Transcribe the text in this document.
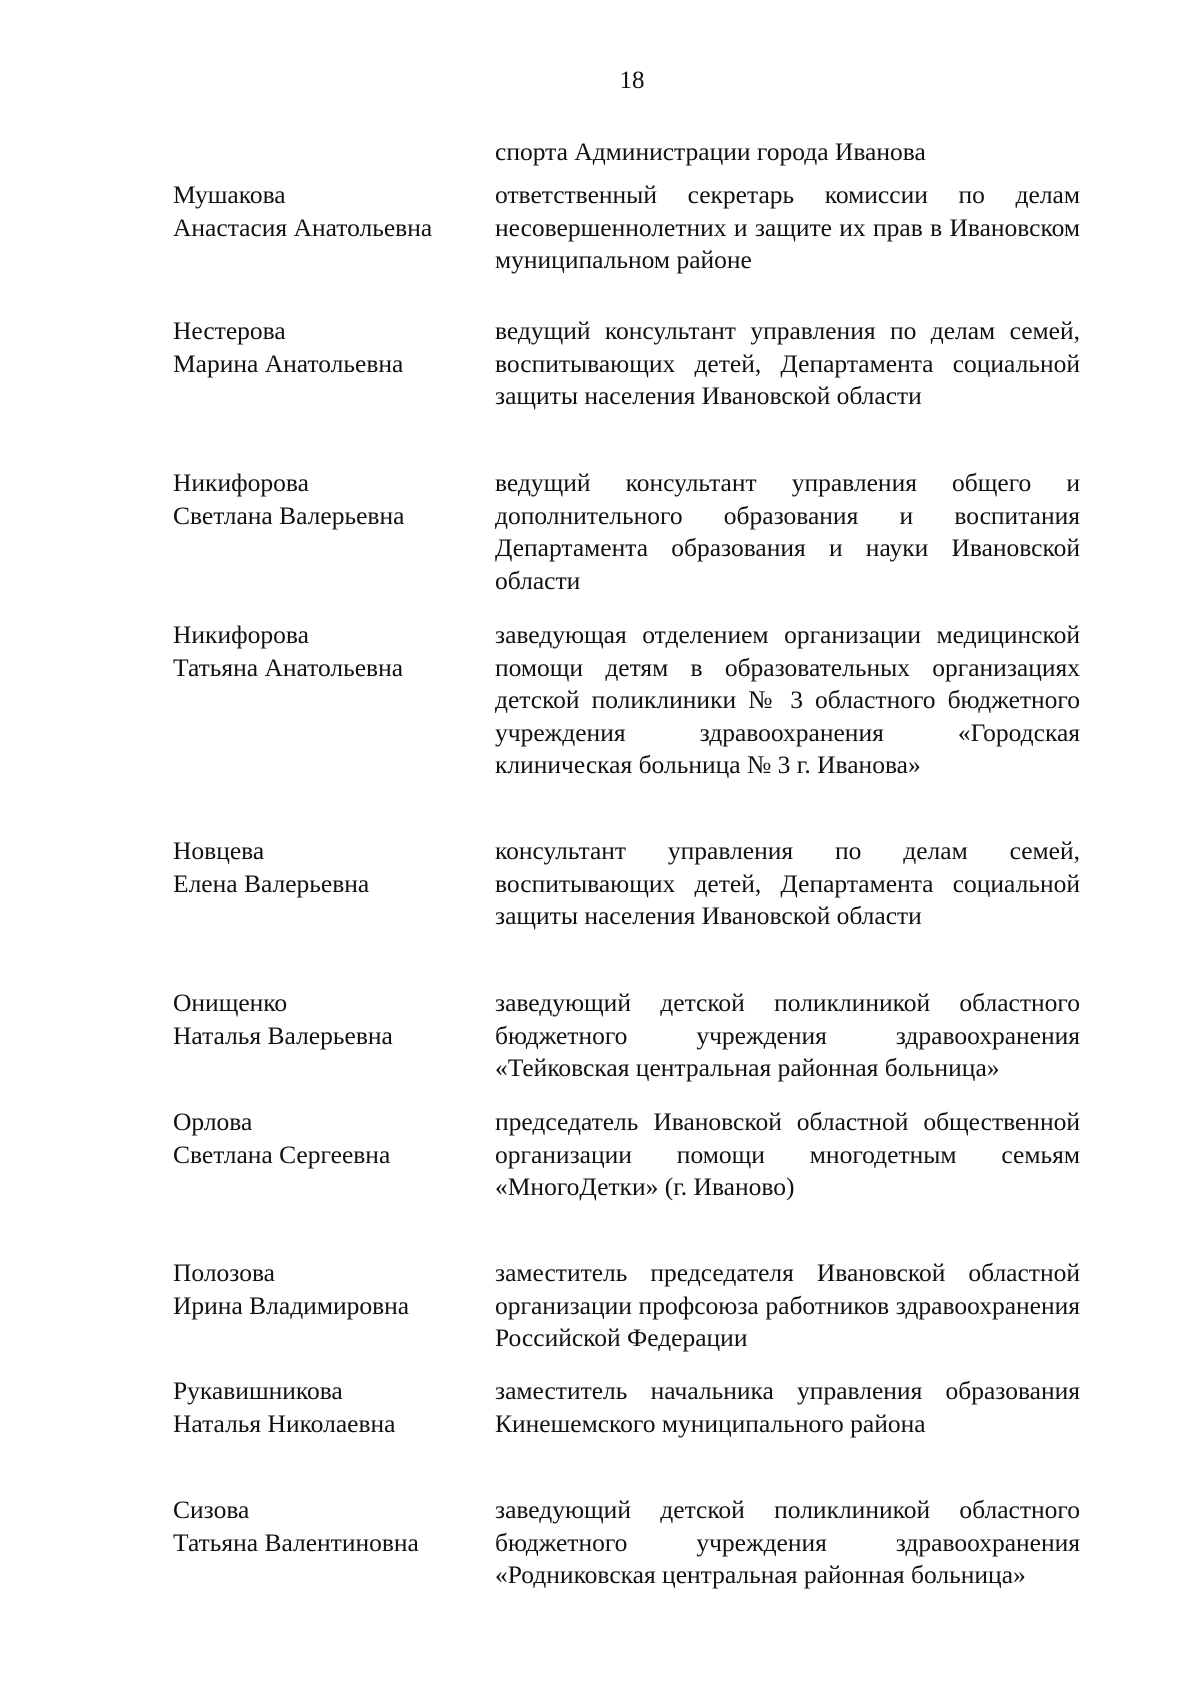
18
спорта Администрации города Иванова
Мушакова
Анастасия Анатольевна
ответственный секретарь комиссии по делам несовершеннолетних и защите их прав в Ивановском муниципальном районе
Нестерова
Марина Анатольевна
ведущий консультант управления по делам семей, воспитывающих детей, Департамента социальной защиты населения Ивановской области
Никифорова
Светлана Валерьевна
ведущий консультант управления общего и дополнительного образования и воспитания Департамента образования и науки Ивановской области
Никифорова
Татьяна Анатольевна
заведующая отделением организации медицинской помощи детям в образовательных организациях детской поликлиники № 3 областного бюджетного учреждения здравоохранения «Городская клиническая больница № 3 г. Иванова»
Новцева
Елена Валерьевна
консультант управления по делам семей, воспитывающих детей, Департамента социальной защиты населения Ивановской области
Онищенко
Наталья Валерьевна
заведующий детской поликлиникой областного бюджетного учреждения здравоохранения «Тейковская центральная районная больница»
Орлова
Светлана Сергеевна
председатель Ивановской областной общественной организации помощи многодетным семьям «МногоДетки» (г. Иваново)
Полозова
Ирина Владимировна
заместитель председателя Ивановской областной организации профсоюза работников здравоохранения Российской Федерации
Рукавишникова
Наталья Николаевна
заместитель начальника управления образования Кинешемского муниципального района
Сизова
Татьяна Валентиновна
заведующий детской поликлиникой областного бюджетного учреждения здравоохранения «Родниковская центральная районная больница»
